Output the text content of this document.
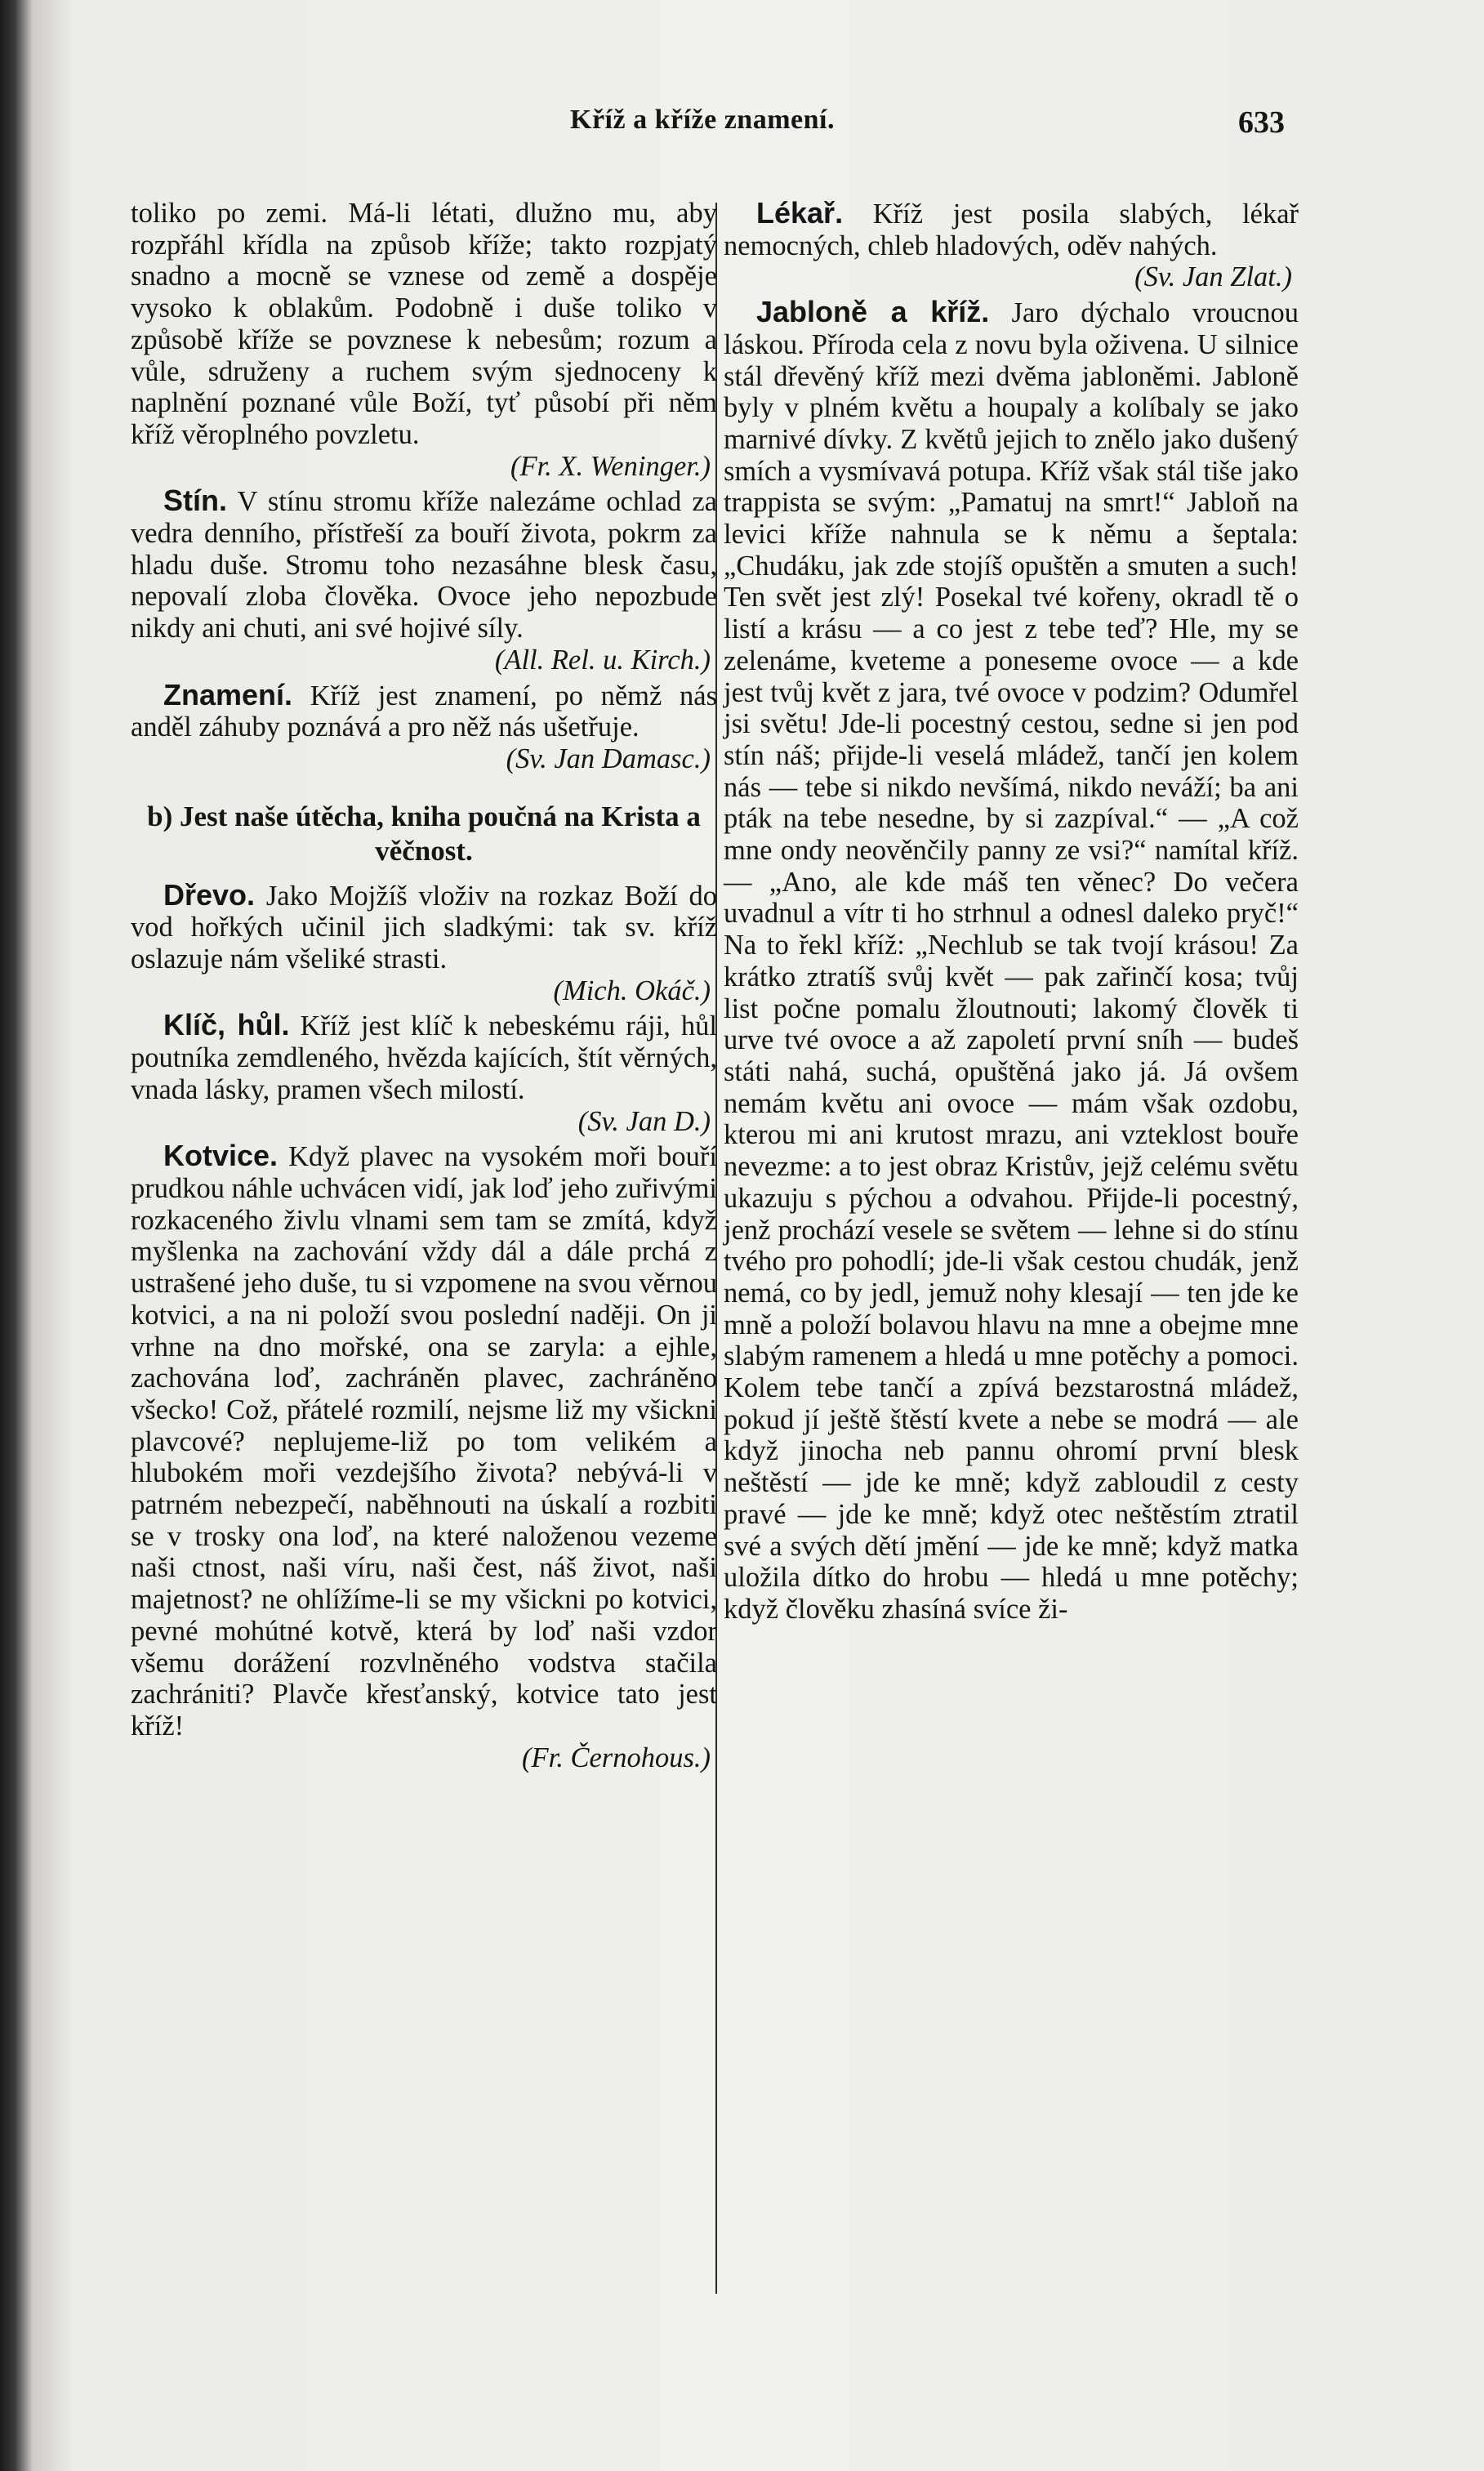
Kříž a kříže znamení.	633

toliko po zemi. Má-li létati, dlužno mu, aby rozpřáhl křídla na způsob kříže; takto rozpjatý snadno a mocně se vznese od země a dospěje vysoko k oblakům. Podobně i duše toliko v způsobě kříže se povznese k nebesům; rozum a vůle, sdruženy a ruchem svým sjednoceny k naplnění poznané vůle Boží, tyť působí při něm kříž věroplného povzletu.

(Fr. X. Weninger.)

Stín. V stínu stromu kříže nalezáme ochlad za vedra denního, přístřeší za bouří života, pokrm za hladu duše. Stromu toho nezasáhne blesk času, nepovalí zloba člověka. Ovoce jeho nepozbude nikdy ani chuti, ani své hojivé síly.

(All. Rel. u. Kirch.)

Znamení. Kříž jest znamení, po němž nás anděl záhuby poznává a pro něž nás ušetřuje.

(Sv. Jan Damasc.)
b) Jest naše útěcha, kniha poučná na Krista a věčnost.

Dřevo. Jako Mojžíš vloživ na rozkaz Boží do vod hořkých učinil jich sladkými: tak sv. kříž oslazuje nám všeliké strasti.

(Mich. Okáč.)

Klíč, hůl. Kříž jest klíč k nebeskému ráji, hůl poutníka zemdleného, hvězda kajících, štít věrných, vnada lásky, pramen všech milostí.

(Sv. Jan D.)

Kotvice. Když plavec na vysokém moři bouří prudkou náhle uchvácen vidí, jak loď jeho zuřivými rozkaceného živlu vlnami sem tam se zmítá, když myšlenka na zachování vždy dál a dále prchá z ustrašené jeho duše, tu si vzpomene na svou věrnou kotvici, a na ni položí svou poslední naději. On ji vrhne na dno mořské, ona se zaryla: a ejhle, zachována loď, zachráněn plavec, zachráněno všecko! Což, přátelé rozmilí, nejsme liž my všickni plavcové? neplujeme-liž po tom velikém a hlubokém moři vezdejšího života? nebývá-li v patrném nebezpečí, naběhnouti na úskalí a rozbiti se v trosky ona loď, na které naloženou vezeme naši ctnost, naši víru, naši čest, náš život, naši majetnost? ne ohlížíme-li se my všickni po kotvici, pevné mohútné kotvě, která by loď naši vzdor všemu dorážení rozvlněného vodstva stačila zachrániti? Plavče křesťanský, kotvice tato jest kříž!

(Fr. Černohous.)

Lékař. Kříž jest posila slabých, lékař nemocných, chleb hladových, oděv nahých.

(Sv. Jan Zlat.)

Jabloně a kříž. Jaro dýchalo vroucnou láskou. Příroda cela z novu byla oživena. U silnice stál dřevěný kříž mezi dvěma jabloněmi. Jabloně byly v plném květu a houpaly a kolíbaly se jako marnivé dívky. Z květů jejich to znělo jako dušený smích a vysmívavá potupa. Kříž však stál tiše jako trappista se svým: „Pamatuj na smrt!“ Jabloň na levici kříže nahnula se k němu a šeptala: „Chudáku, jak zde stojíš opuštěn a smuten a such! Ten svět jest zlý! Posekal tvé kořeny, okradl tě o listí a krásu — a co jest z tebe teď? Hle, my se zelenáme, kveteme a poneseme ovoce — a kde jest tvůj květ z jara, tvé ovoce v podzim? Odumřel jsi světu! Jde-li pocestný cestou, sedne si jen pod stín náš; přijde-li veselá mládež, tančí jen kolem nás — tebe si nikdo nevšímá, nikdo neváží; ba ani pták na tebe nesedne, by si zazpíval.“ — „A což mne ondy neověnčily panny ze vsi?“ namítal kříž. — „Ano, ale kde máš ten věnec? Do večera uvadnul a vítr ti ho strhnul a odnesl daleko pryč!“ Na to řekl kříž: „Nechlub se tak tvojí krásou! Za krátko ztratíš svůj květ — pak zařinčí kosa; tvůj list počne pomalu žloutnouti; lakomý člověk ti urve tvé ovoce a až zapoletí první sníh — budeš státi nahá, suchá, opuštěná jako já. Já ovšem nemám květu ani ovoce — mám však ozdobu, kterou mi ani krutost mrazu, ani vzteklost bouře nevezme: a to jest obraz Kristův, jejž celému světu ukazuju s pýchou a odvahou. Přijde-li pocestný, jenž prochází vesele se světem — lehne si do stínu tvého pro pohodlí; jde-li však cestou chudák, jenž nemá, co by jedl, jemuž nohy klesají — ten jde ke mně a položí bolavou hlavu na mne a obejme mne slabým ramenem a hledá u mne potěchy a pomoci. Kolem tebe tančí a zpívá bezstarostná mládež, pokud jí ještě štěstí kvete a nebe se modrá — ale když jinocha neb pannu ohromí první blesk neštěstí — jde ke mně; když zabloudil z cesty pravé — jde ke mně; když otec neštěstím ztratil své a svých dětí jmění — jde ke mně; když matka uložila dítko do hrobu — hledá u mne potěchy; když člověku zhasíná svíce ži-
